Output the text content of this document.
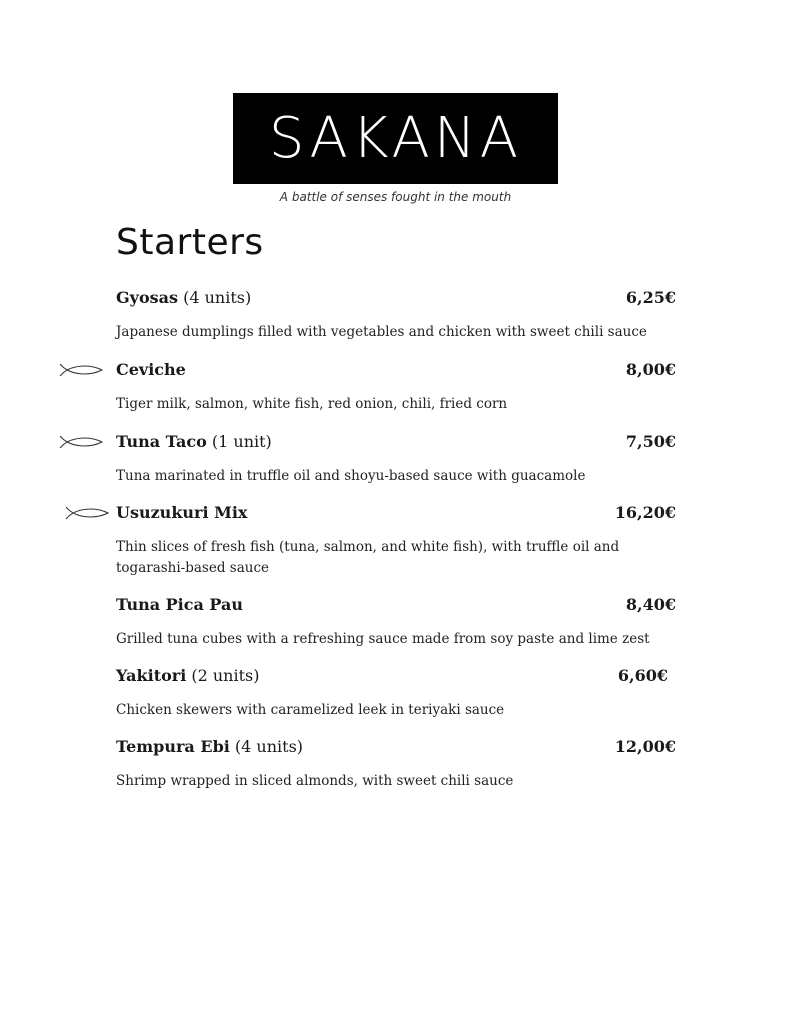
SAKANA
A battle of senses fought in the mouth
Starters
Gyosas (4 units)	6,25€
Japanese dumplings filled with vegetables and chicken with sweet chili sauce
Ceviche	8,00€
Tiger milk, salmon, white fish, red onion, chili, fried corn
Tuna Taco (1 unit)	7,50€
Tuna marinated in truffle oil and shoyu-based sauce with guacamole
Usuzukuri Mix	16,20€
Thin slices of fresh fish (tuna, salmon, and white fish), with truffle oil and togarashi-based sauce
Tuna Pica Pau	8,40€
Grilled tuna cubes with a refreshing sauce made from soy paste and lime zest
Yakitori (2 units)	6,60€
Chicken skewers with caramelized leek in teriyaki sauce
Tempura Ebi (4 units)	12,00€
Shrimp wrapped in sliced almonds, with sweet chili sauce
